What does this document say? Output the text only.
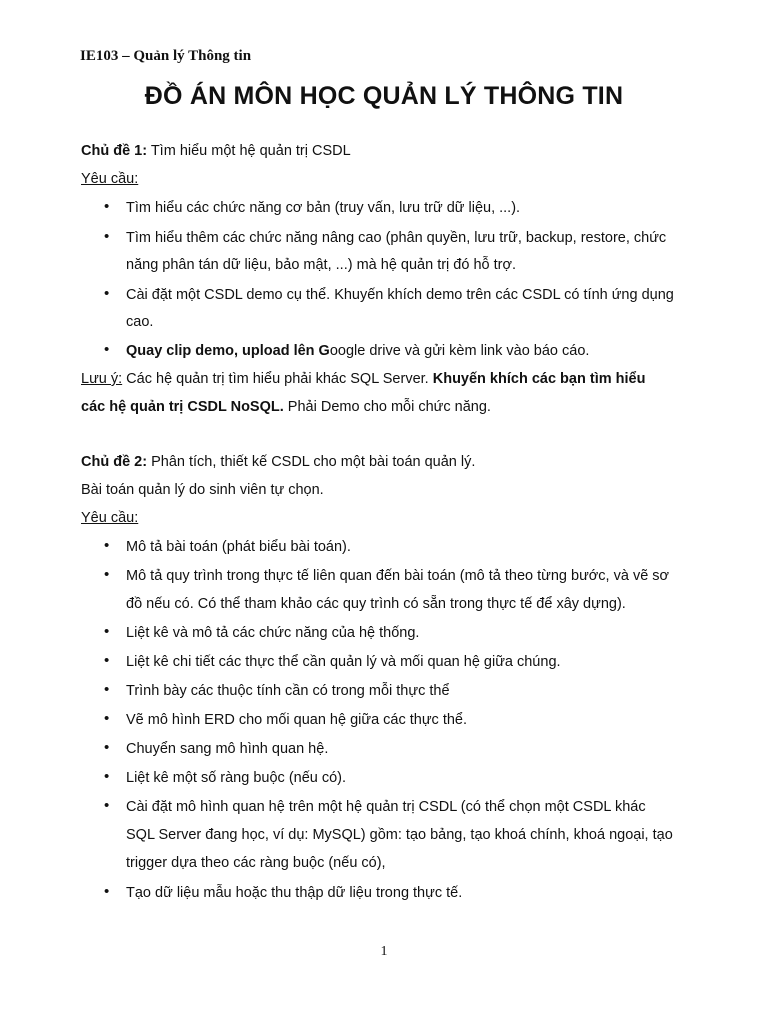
IE103 – Quản lý Thông tin
ĐỒ ÁN MÔN HỌC QUẢN LÝ THÔNG TIN
Chủ đề 1: Tìm hiểu một hệ quản trị CSDL
Yêu cầu:
• Tìm hiểu các chức năng cơ bản (truy vấn, lưu trữ dữ liệu, ...).
• Tìm hiểu thêm các chức năng nâng cao (phân quyền, lưu trữ, backup, restore, chức
năng phân tán dữ liệu, bảo mật, ...) mà hệ quản trị đó hỗ trợ.
• Cài đặt một CSDL demo cụ thể. Khuyến khích demo trên các CSDL có tính ứng dụng
cao.
• Quay clip demo, upload lên Google drive và gửi kèm link vào báo cáo.
Lưu ý: Các hệ quản trị tìm hiểu phải khác SQL Server. Khuyến khích các bạn tìm hiểu
các hệ quản trị CSDL NoSQL. Phải Demo cho mỗi chức năng.
Chủ đề 2: Phân tích, thiết kế CSDL cho một bài toán quản lý.
Bài toán quản lý do sinh viên tự chọn.
Yêu cầu:
• Mô tả bài toán (phát biểu bài toán).
• Mô tả quy trình trong thực tế liên quan đến bài toán (mô tả theo từng bước, và vẽ sơ
đồ nếu có. Có thể tham khảo các quy trình có sẵn trong thực tế để xây dựng).
• Liệt kê và mô tả các chức năng của hệ thống.
• Liệt kê chi tiết các thực thể cần quản lý và mối quan hệ giữa chúng.
• Trình bày các thuộc tính cần có trong mỗi thực thể
• Vẽ mô hình ERD cho mối quan hệ giữa các thực thể.
• Chuyển sang mô hình quan hệ.
• Liệt kê một số ràng buộc (nếu có).
• Cài đặt mô hình quan hệ trên một hệ quản trị CSDL (có thể chọn một CSDL khác
SQL Server đang học, ví dụ: MySQL) gồm: tạo bảng, tạo khoá chính, khoá ngoại, tạo
trigger dựa theo các ràng buộc (nếu có),
• Tạo dữ liệu mẫu hoặc thu thập dữ liệu trong thực tế.
1
